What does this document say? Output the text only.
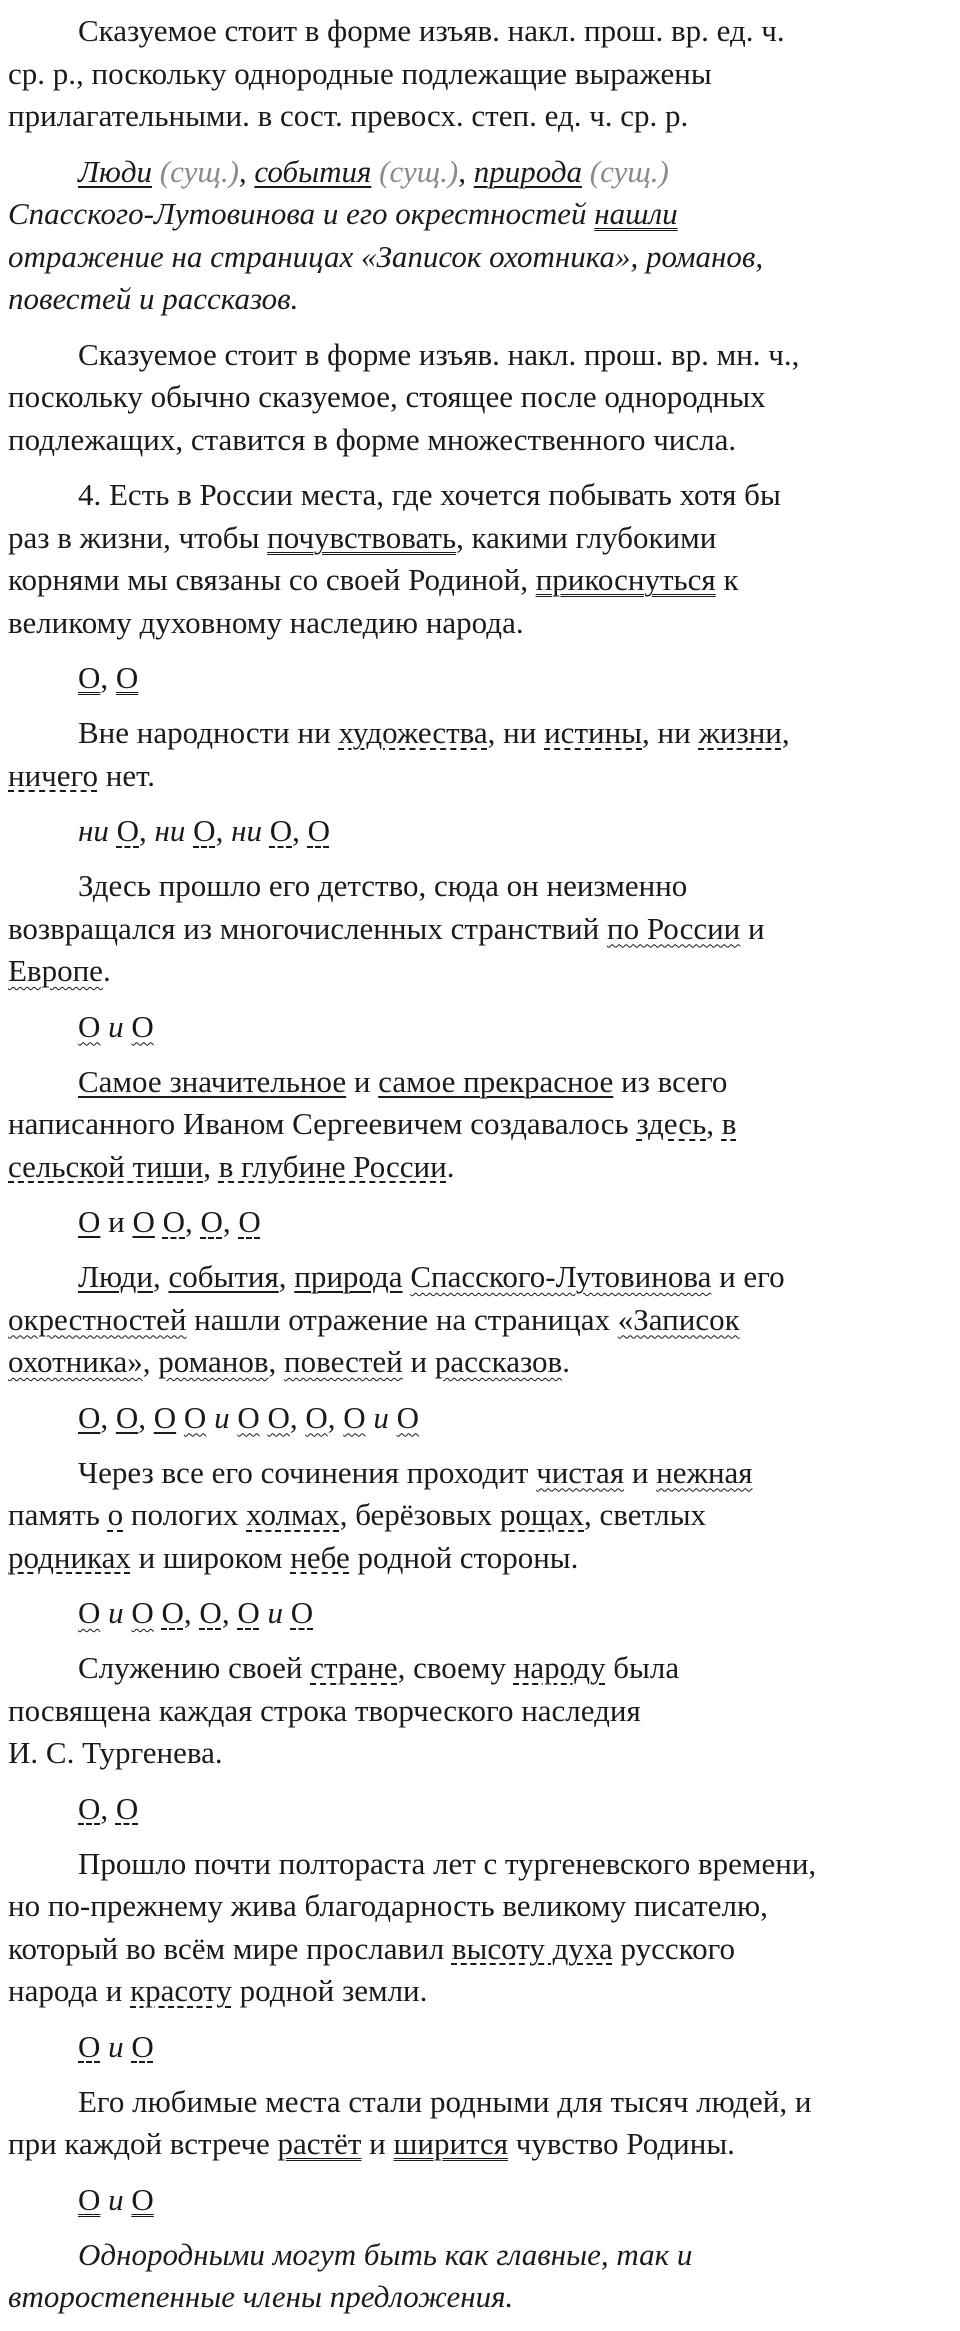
Сказуемое стоит в форме изъяв. накл. прош. вр. ед. ч.
ср. р., поскольку однородные подлежащие выражены
прилагательными. в сост. превосх. степ. ед. ч. ср. р.
Люди (сущ.), события (сущ.), природа (сущ.)
Спасского-Лутовинова и его окрестностей нашли
отражение на страницах «Записок охотника», романов,
повестей и рассказов.
Сказуемое стоит в форме изъяв. накл. прош. вр. мн. ч.,
поскольку обычно сказуемое, стоящее после однородных
подлежащих, ставится в форме множественного числа.
4. Есть в России места, где хочется побывать хотя бы
раз в жизни, чтобы почувствовать, какими глубокими
корнями мы связаны со своей Родиной, прикоснуться к
великому духовному наследию народа.
О, О
Вне народности ни художества, ни истины, ни жизни,
ничего нет.
ни О, ни О, ни О, О
Здесь прошло его детство, сюда он неизменно
возвращался из многочисленных странствий по России и
Европе.
О и О
Самое значительное и самое прекрасное из всего
написанного Иваном Сергеевичем создавалось здесь, в
сельской тиши, в глубине России.
О и О О, О, О
Люди, события, природа Спасского-Лутовинова и его
окрестностей нашли отражение на страницах «Записок
охотника», романов, повестей и рассказов.
О, О, О О и О О, О, О и О
Через все его сочинения проходит чистая и нежная
память о пологих холмах, берёзовых рощах, светлых
родниках и широком небе родной стороны.
О и О О, О, О и О
Служению своей стране, своему народу была
посвящена каждая строка творческого наследия
И. С. Тургенева.
О, О
Прошло почти полтораста лет с тургеневского времени,
но по-прежнему жива благодарность великому писателю,
который во всём мире прославил высоту духа русского
народа и красоту родной земли.
О и О
Его любимые места стали родными для тысяч людей, и
при каждой встрече растёт и ширится чувство Родины.
О и О
Однородными могут быть как главные, так и
второстепенные члены предложения.
